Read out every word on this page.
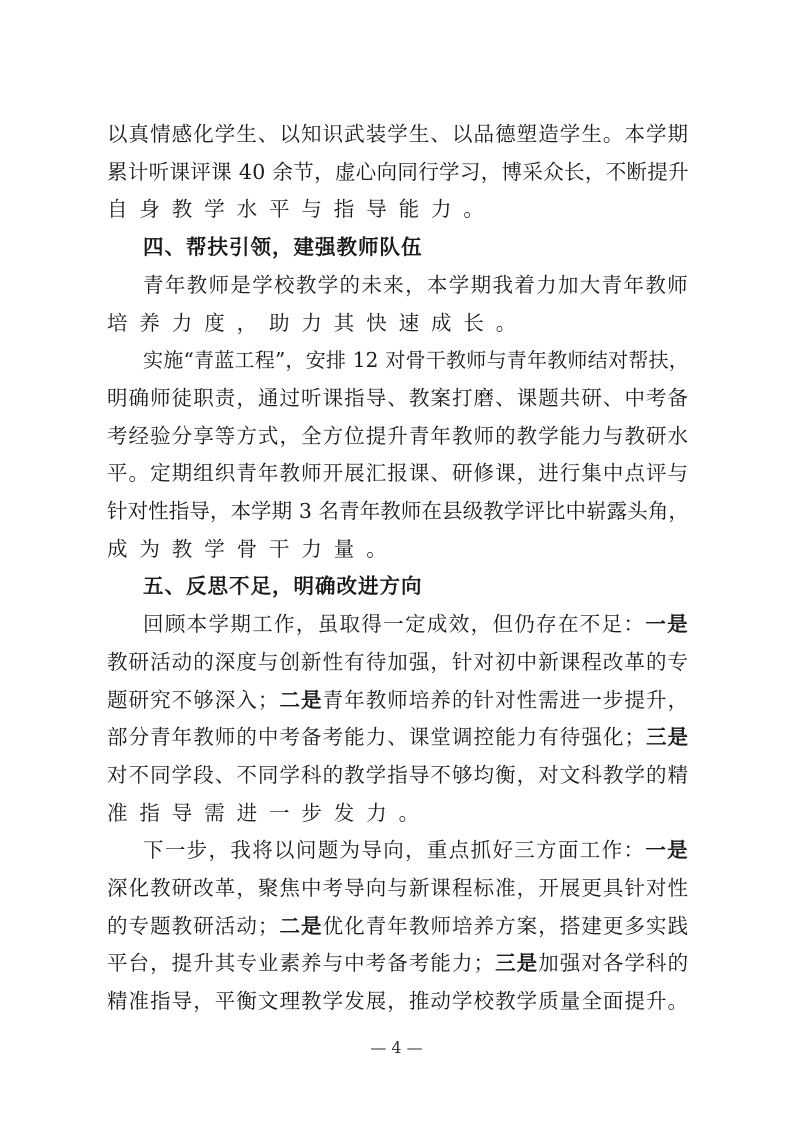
以真情感化学生、以知识武装学生、以品德塑造学生。本学期
累计听课评课 40 余节，虚心向同行学习，博采众长，不断提升
自身教学水平与指导能力。
四、帮扶引领，建强教师队伍
青年教师是学校教学的未来，本学期我着力加大青年教师
培养力度，助力其快速成长。
实施“青蓝工程”，安排 12 对骨干教师与青年教师结对帮扶，
明确师徒职责，通过听课指导、教案打磨、课题共研、中考备
考经验分享等方式，全方位提升青年教师的教学能力与教研水
平。定期组织青年教师开展汇报课、研修课，进行集中点评与
针对性指导，本学期 3 名青年教师在县级教学评比中崭露头角，
成为教学骨干力量。
五、反思不足，明确改进方向
回顾本学期工作，虽取得一定成效，但仍存在不足：一是
教研活动的深度与创新性有待加强，针对初中新课程改革的专
题研究不够深入；二是青年教师培养的针对性需进一步提升，
部分青年教师的中考备考能力、课堂调控能力有待强化；三是
对不同学段、不同学科的教学指导不够均衡，对文科教学的精
准指导需进一步发力。
下一步，我将以问题为导向，重点抓好三方面工作：一是
深化教研改革，聚焦中考导向与新课程标准，开展更具针对性
的专题教研活动；二是优化青年教师培养方案，搭建更多实践
平台，提升其专业素养与中考备考能力；三是加强对各学科的
精准指导，平衡文理教学发展，推动学校教学质量全面提升。
— 4 —
